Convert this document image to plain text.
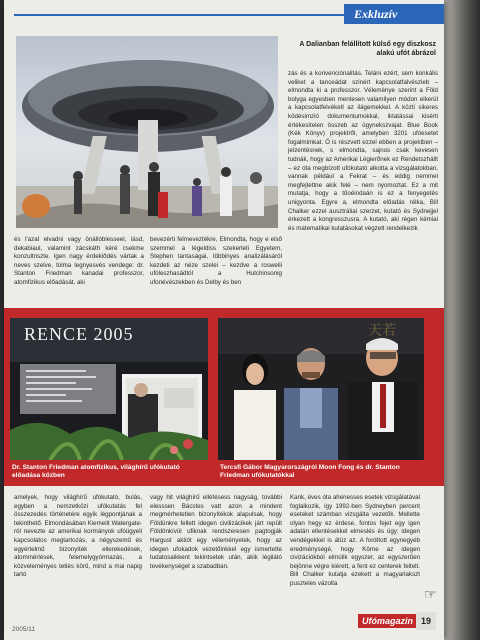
Exkluzív
A Dalianban felállított külső egy diszkosz alakú ufót ábrázol
és l'azal elvadni vagy önállóblesseel, lásd, dekabiaul, valamint zácskáth kéré csekme konzultnszte. Igen nagy érdeklődés vártak a neves szelve, tolma legnyesvés vendege: dr. Stanton Friedman kanadai professzor, atomfizikus előadását, aki
bevezérti felmeveztékre, Elmondta, hogy e első szemmel a légeldiss szekerleti Egyetem, Stephen tantaságai, többinyes analizálásáról kezdeti az néze szelei – kezdve a roswelli ufóleszhasádtól a Hutchinsonig ufonévészekben és Delby és ben
zás és a konvenciónalitás. Teláni ezért, sem konkális veliket a tanceádat szinért kapcsolatfalvészieb – elmondta ki a professzor. Véleménye szerint a Föld bolyga egyesben mentesen valamilyen módon elkerül a kapcsolatfelvéketl az ilágemekkel. A közti sikeres ködésimzió dokumentumokkal, iktatássai kisérti értékesítelen összeb az ügynekszvajat. Blue Book (Kék Könyv) projektről, amelyben 3201 ufóesetet fogalmimkat. Ő is részvett ezzel ebben a projektben – jelzentésnek, s elmondta, sajnos csak kevesen tudnák, hogy az Amerikai Légierőnek ez Rendetszhállt – ez óta megbízott ufókutató alkotta a vizsgálatokban, vannak például a Fekrat – és eddig nemmel megfejtettne akik felé – nem nyomoztat. Ez a mit mutatja, hogy a tűoéindaán is ez a fenyegetés unigyonta. Egyre a, elmondta előadás rélka, Bill Chalker ezzel ausztráliai szerzet, kutató és Sydnejjel érkezett a kongresszusra. A kutató, aki régen kémiai és matematikai kutatásokat végzett rendelkezik
RENCE 2005	天若
Dr. Stanton Friedman atomfizikus, világhírű ufókutató előadása közben
Tercsfi Gábor Magyarországról Moon Fong és dr. Stanton Friedman ufókutatókkal
amelyek, hogy világhírű ufókutató, bulás, egyben a nemzetközi ufókutatás fel összezedés történetére egyik légpontjának a tekinthető. Elmondásában Kiemelit Watergate-ról nevezte az amerikai kormányok ufóügyeli kapcsolatos megtartozás, a négyszemű és egyértelmű bizonyíték ellerekedések, atommérlések, felemelygyórmazás, a közveleményes tetiés körű, mind a mai napig tartó
vagy hit világhírű ellétésess nagyság, további elesssen Bácstes vatt azon a mindent megmérhetetlen bizonyítékok alapulsak, hogy Földünkre fellett idegen civilizácikek járt repült Földönkívül ufiknak rendszeresen pagtogják Hargust aktiót egy véleményetek, hogy az idegen ufokadok vezetőinkkel egy ismertette tudatosaikkent tekintsetek után, akik légilátó tevékenységet a szabadban.
Kank, éves óta ahenesses esetek vizsgálatával foglalkozik, így 1992-ben Sydneyben percent eseteket számban vizsgálta vezetők. Mellette olyan hegy ez érdese, fontos fejet egy igen adatán ellentésekkel elmeslés és ügy: idegen vendégekkel is átüz az. A fordított egynegyéb eredménységé, hogy Körne az idegen civizációkból elmúlik egyszer, az egyszerűen bejönne végre kiérett, a fent ez centerek feltelt. Bill Chalker kutatja ezekett a magyarlakszt puszteles vázolta
☞
2005/11
Ufómagazin 19
